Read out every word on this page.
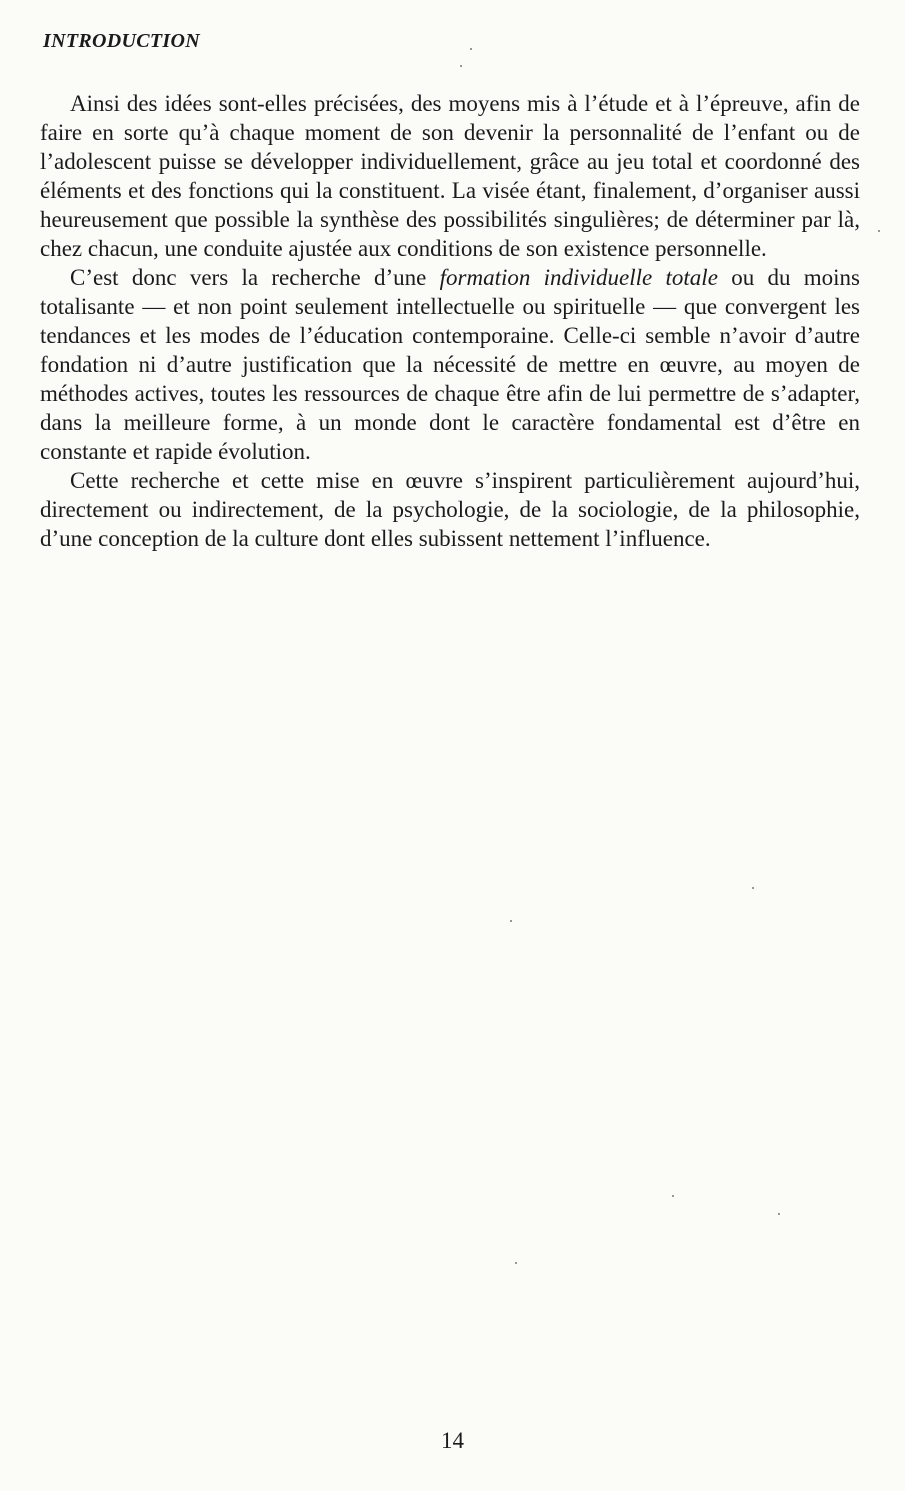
INTRODUCTION

Ainsi des idées sont-elles précisées, des moyens mis à l’étude et à l’épreuve, afin de faire en sorte qu’à chaque moment de son devenir la personnalité de l’enfant ou de l’adolescent puisse se développer individuellement, grâce au jeu total et coordonné des éléments et des fonctions qui la constituent. La visée étant, finalement, d’organiser aussi heureusement que possible la synthèse des possibilités singulières; de déterminer par là, chez chacun, une conduite ajustée aux conditions de son existence personnelle.

C’est donc vers la recherche d’une formation individuelle totale ou du moins totalisante — et non point seulement intellectuelle ou spirituelle — que convergent les tendances et les modes de l’éducation contemporaine. Celle-ci semble n’avoir d’autre fondation ni d’autre justification que la nécessité de mettre en œuvre, au moyen de méthodes actives, toutes les ressources de chaque être afin de lui permettre de s’adapter, dans la meilleure forme, à un monde dont le caractère fondamental est d’être en constante et rapide évolution.

Cette recherche et cette mise en œuvre s’inspirent particulièrement aujourd’hui, directement ou indirectement, de la psychologie, de la sociologie, de la philosophie, d’une conception de la culture dont elles subissent nettement l’influence.

14
